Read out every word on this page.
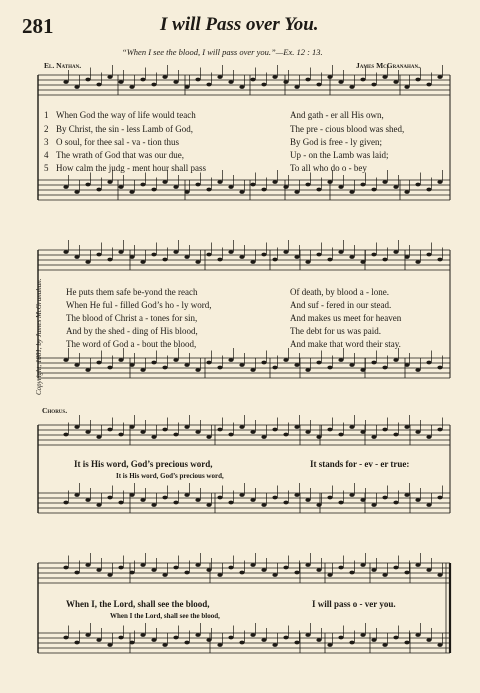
281	I will Pass over You.
“When I see the blood, I will pass over you.”—Ex. 12 : 13.
El. Nathan.	James McGranahan.
Copyright, 1881, by James McGranahan.
Chorus.
1 When God the way of life would teach	And gath - er all His own,
2 By Christ, the sin - less Lamb of God,	The pre - cious blood was shed,
3 O soul, for thee sal - va - tion thus	By God is free - ly given;
4 The wrath of God that was our due,	Up - on the Lamb was laid;
5 How calm the judg - ment hour shall pass	To all who do o - bey
He puts them safe be-yond the reach	Of death, by blood a - lone.
When He ful - filled God’s ho - ly word,	And suf - fered in our stead.
The blood of Christ a - tones for sin,	And makes us meet for heaven
And by the shed - ding of His blood,	The debt for us was paid.
The word of God a - bout the blood,	And make that word their stay.
It is His word, God’s precious word,	It stands for - ev - er true:
It is His word, God’s precious word,
When I, the Lord, shall see the blood,	I will pass o - ver you.
When I the Lord, shall see the blood,
